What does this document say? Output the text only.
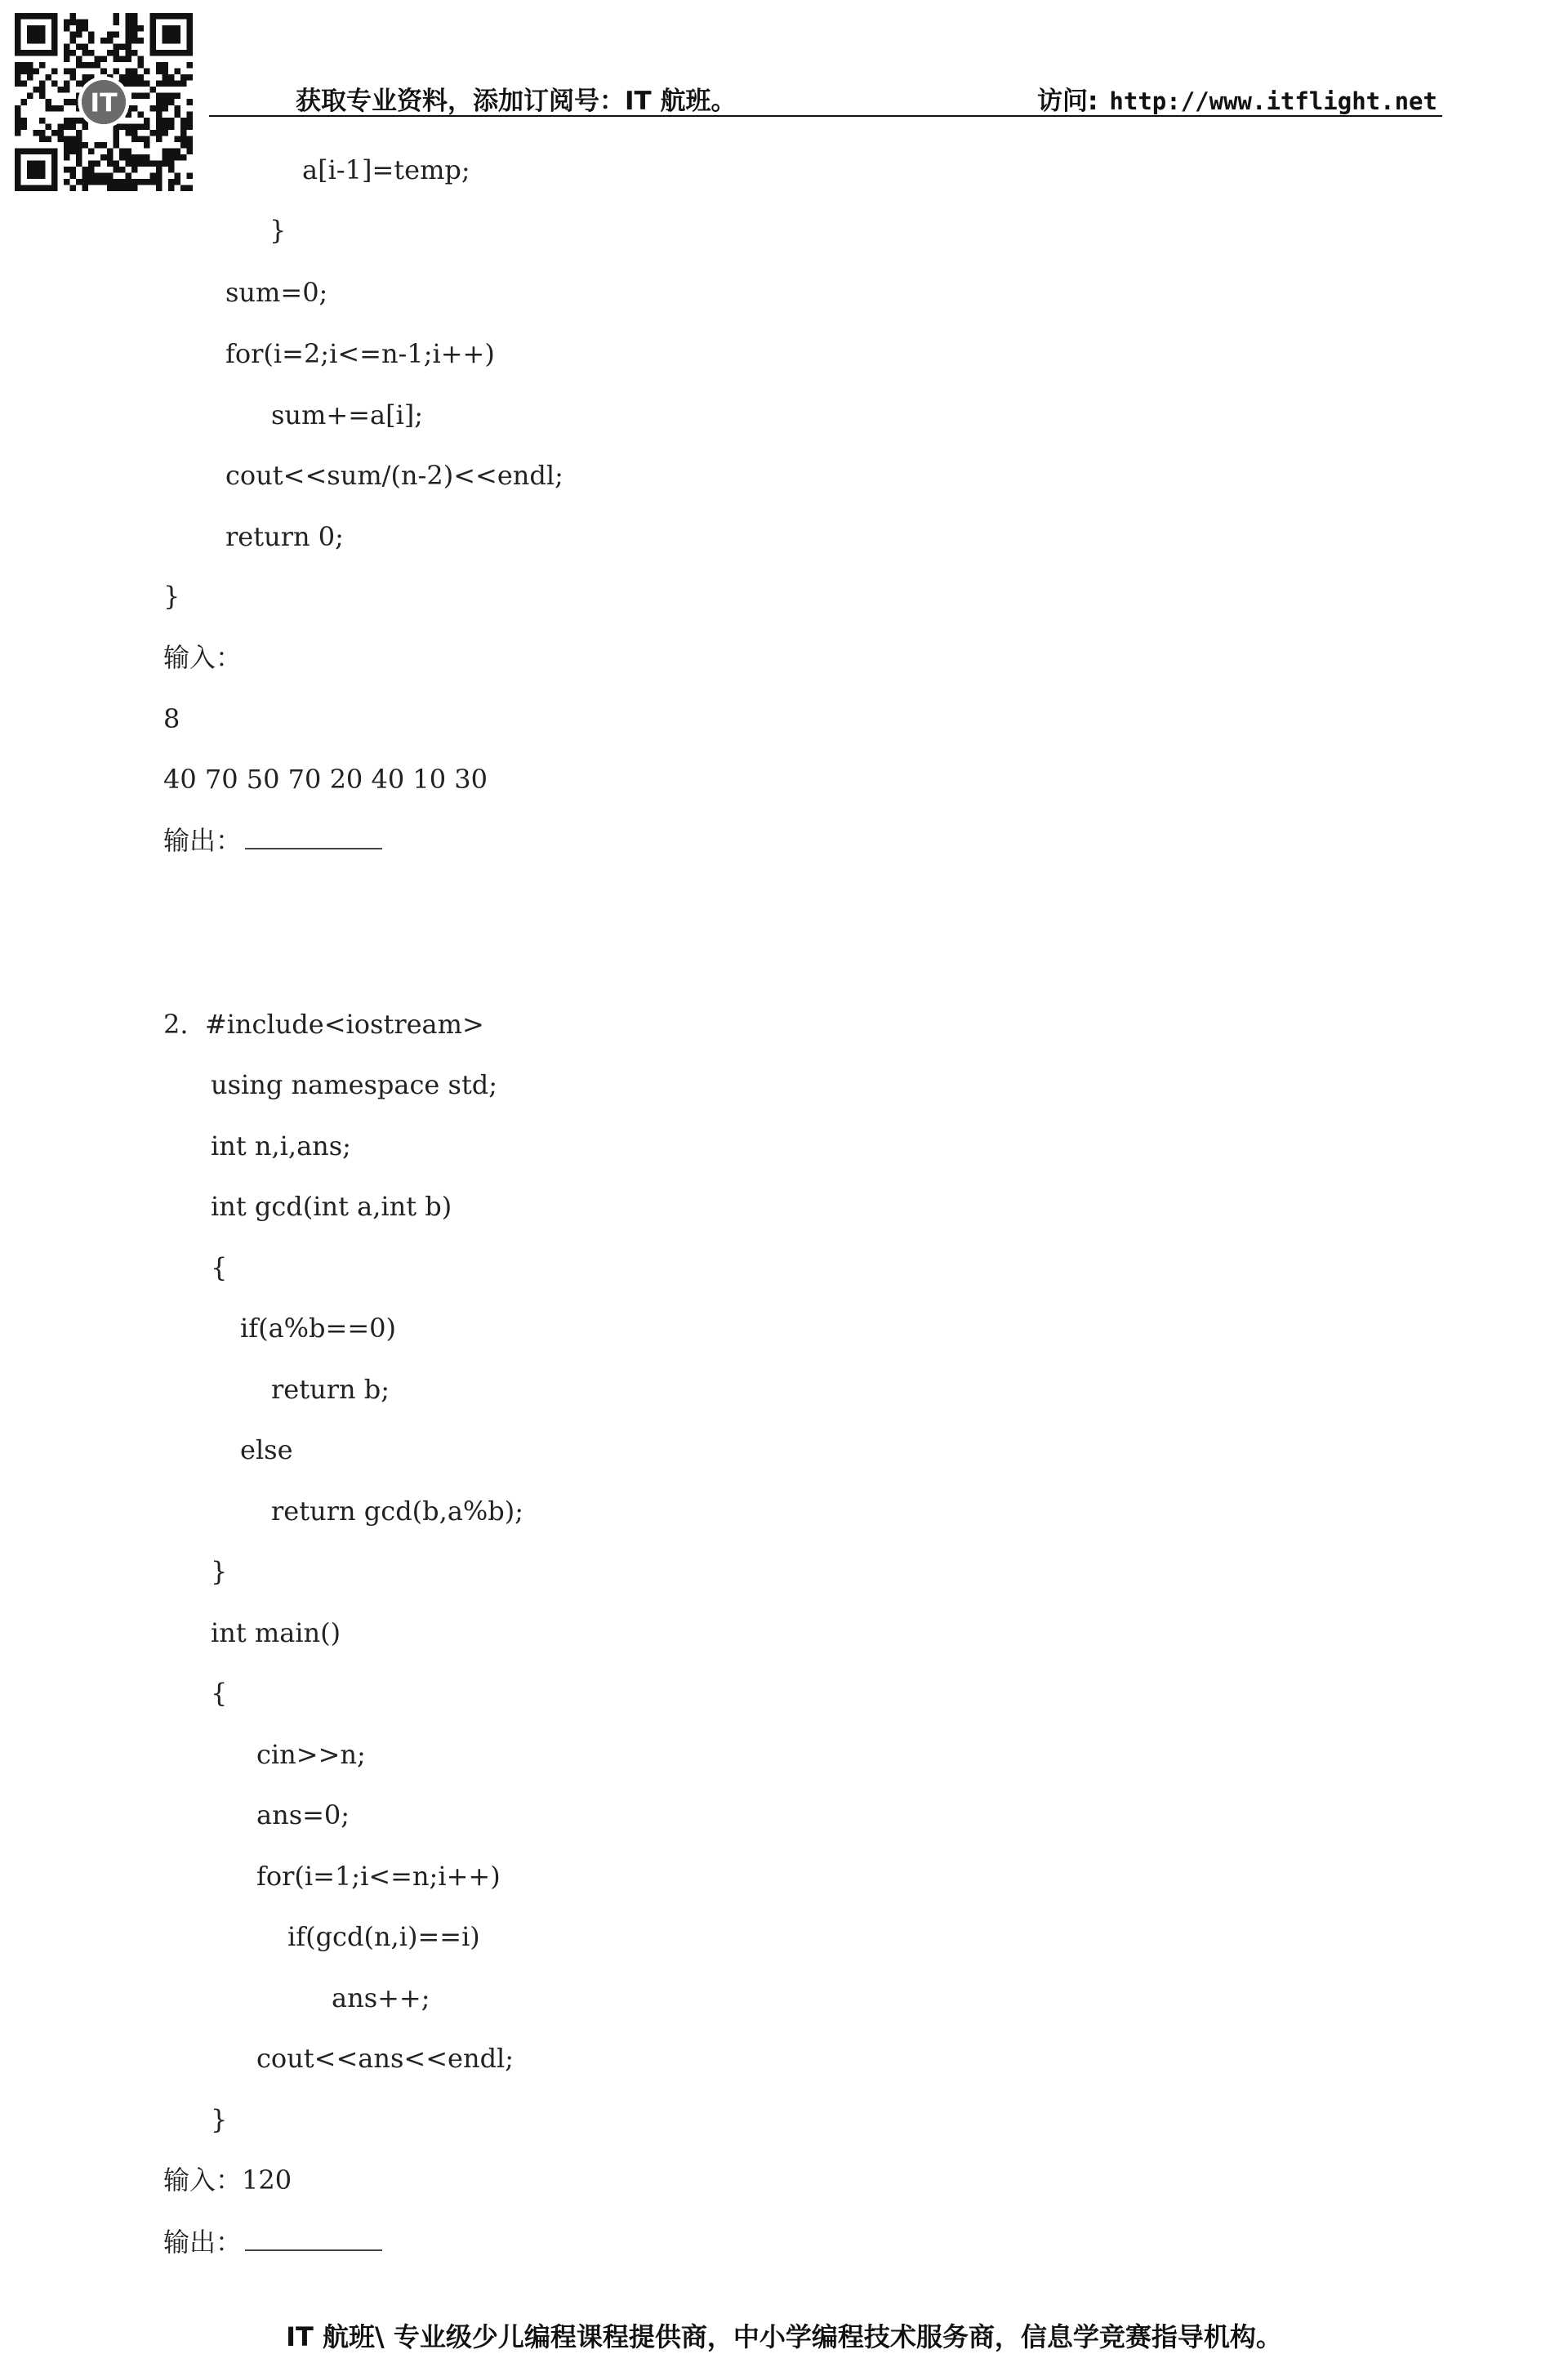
IT	获取专业资料，添加订阅号：IT 航班。	访问: http://www.itflight.net
a[i-1]=temp;
}
sum=0;
for(i=2;i<=n-1;i++)
sum+=a[i];
cout<<sum/(n-2)<<endl;
return 0;
}
输入：
8
40 70 50 70 20 40 10 30
输出：
2.  #include<iostream>
using namespace std;
int n,i,ans;
int gcd(int a,int b)
{
if(a%b==0)
return b;
else
return gcd(b,a%b);
}
int main()
{
cin>>n;
ans=0;
for(i=1;i<=n;i++)
if(gcd(n,i)==i)
ans++;
cout<<ans<<endl;
}
输入：120
输出：
IT 航班\ 专业级少儿编程课程提供商，中小学编程技术服务商，信息学竞赛指导机构。
